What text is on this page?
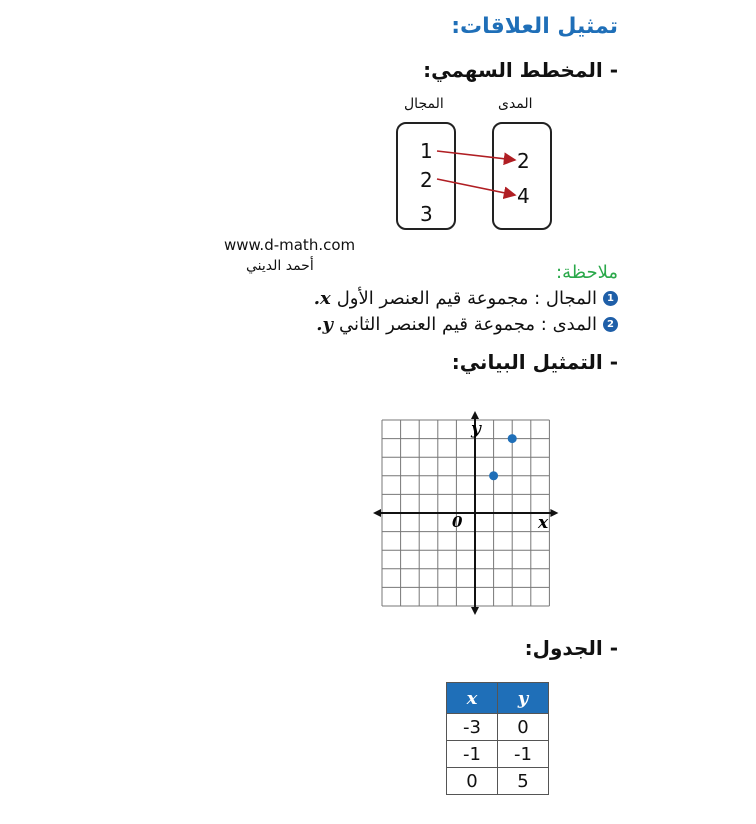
تمثيل العلاقات:
- المخطط السهمي:
المجال	المدى
1
2
3
2
4
www.d-math.com
أحمد الديني	ملاحظة:
1
المجال : مجموعة قيم العنصر الأول
x.
2
المدى : مجموعة قيم العنصر الثاني
y.
- التمثيل البياني:
x
y
0
- الجدول:
x	y
-3	0
-1	-1
0	5
